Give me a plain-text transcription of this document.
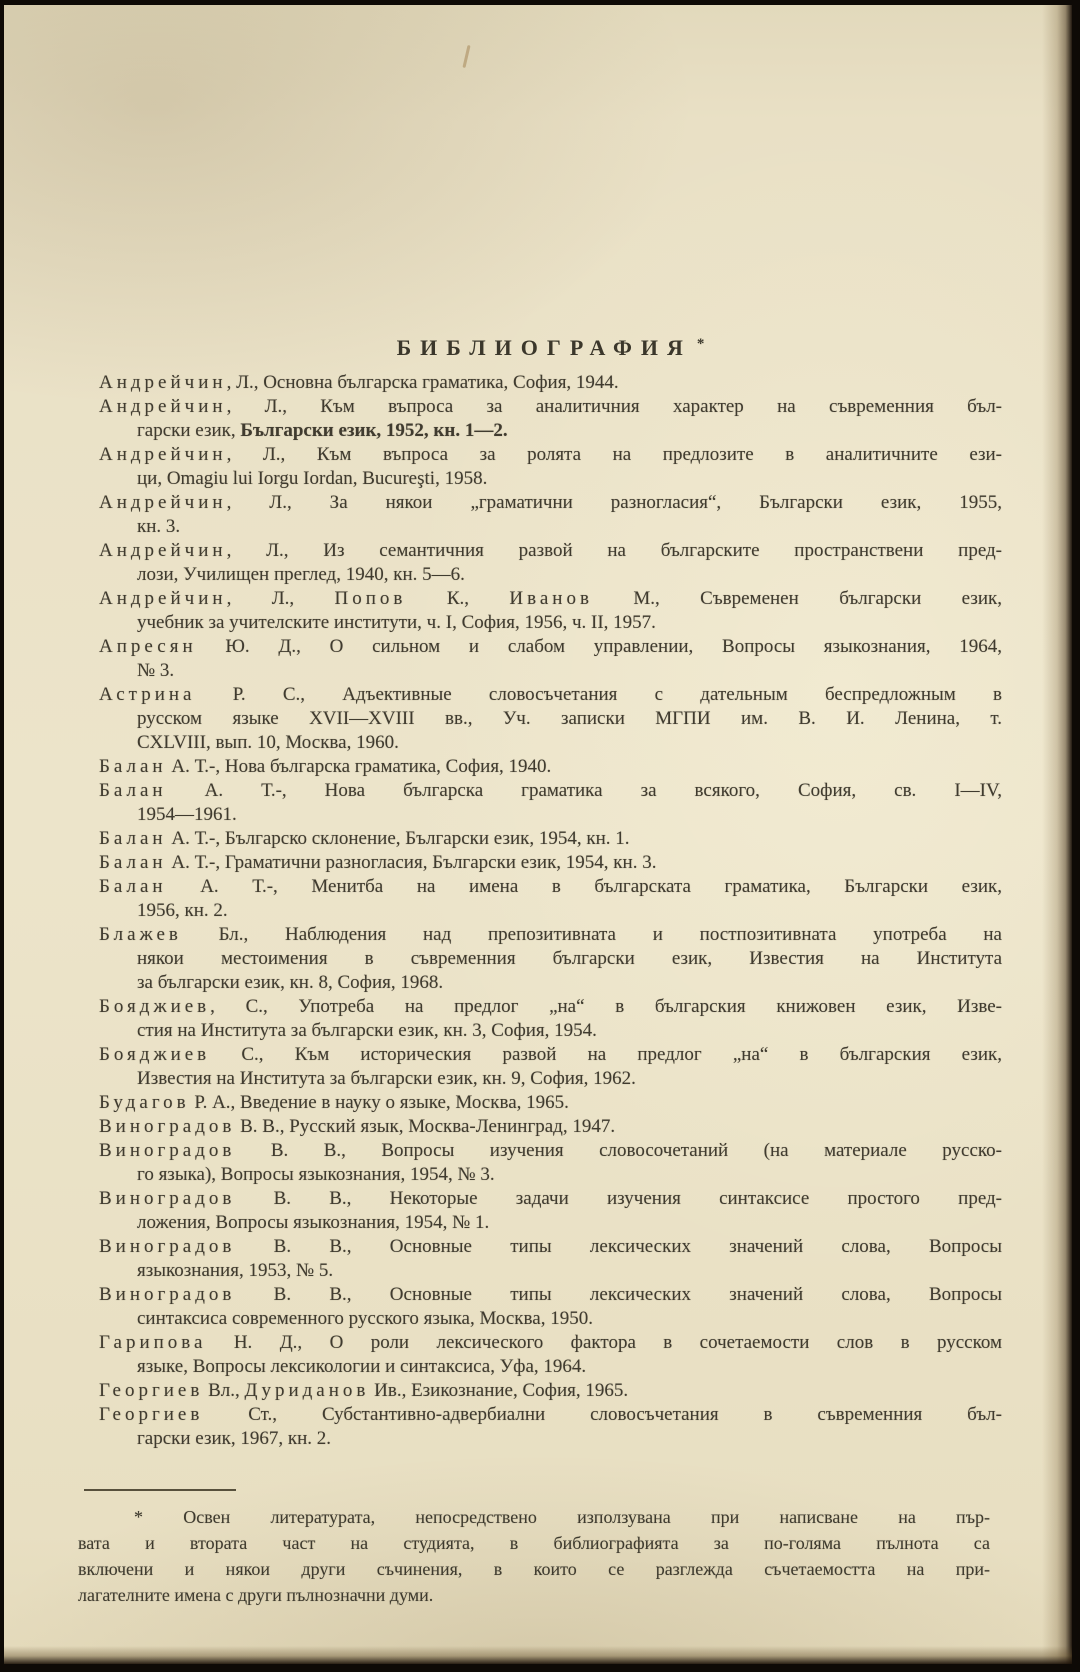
БИБЛИОГРАФИЯ *
Андрейчин, Л., Основна българска граматика, София, 1944.
Андрейчин, Л., Към въпроса за аналитичния характер на съвременния бъл-
гарски език, Български език, 1952, кн. 1—2.
Андрейчин, Л., Към въпроса за ролята на предлозите в аналитичните ези-
ци, Omagiu lui Iorgu Iordan, Bucureşti, 1958.
Андрейчин, Л., За някои „граматични разногласия“, Български език, 1955,
кн. 3.
Андрейчин, Л., Из семантичния развой на българските пространствени пред-
лози, Училищен преглед, 1940, кн. 5—6.
Андрейчин, Л., Попов К., Иванов М., Съвременен български език,
учебник за учителските институти, ч. I, София, 1956, ч. II, 1957.
Апресян Ю. Д., О сильном и слабом управлении, Вопросы языкознания, 1964,
№ 3.
Астрина Р. С., Адъективные словосъчетания с дательным беспредложным в
русском языке XVII—XVIII вв., Уч. записки МГПИ им. В. И. Ленина, т.
CXLVIII, вып. 10, Москва, 1960.
Балан А. Т.-, Нова българска граматика, София, 1940.
Балан А. Т.-, Нова българска граматика за всякого, София, св. I—IV,
1954—1961.
Балан А. Т.-, Българско склонение, Български език, 1954, кн. 1.
Балан А. Т.-, Граматични разногласия, Български език, 1954, кн. 3.
Балан А. Т.-, Менитба на имена в българската граматика, Български език,
1956, кн. 2.
Блажев Бл., Наблюдения над препозитивната и постпозитивната употреба на
някои местоимения в съвременния български език, Известия на Института
за български език, кн. 8, София, 1968.
Бояджиев, С., Употреба на предлог „на“ в българския книжовен език, Изве-
стия на Института за български език, кн. 3, София, 1954.
Бояджиев С., Към историческия развой на предлог „на“ в българския език,
Известия на Института за български език, кн. 9, София, 1962.
Будагов Р. А., Введение в науку о языке, Москва, 1965.
Виноградов В. В., Русский язык, Москва-Ленинград, 1947.
Виноградов В. В., Вопросы изучения словосочетаний (на материале русско-
го языка), Вопросы языкознания, 1954, № 3.
Виноградов В. В., Некоторые задачи изучения синтаксисе простого пред-
ложения, Вопросы языкознания, 1954, № 1.
Виноградов В. В., Основные типы лексических значений слова, Вопросы
языкознания, 1953, № 5.
Виноградов В. В., Основные типы лексических значений слова, Вопросы
синтаксиса современного русского языка, Москва, 1950.
Гарипова Н. Д., О роли лексического фактора в сочетаемости слов в русском
языке, Вопросы лексикологии и синтаксиса, Уфа, 1964.
Георгиев Вл., Дуриданов Ив., Езикознание, София, 1965.
Георгиев Ст., Субстантивно-адвербиални словосъчетания в съвременния бъл-
гарски език, 1967, кн. 2.
* Освен литературата, непосредствено използувана при написване на пър-
вата и втората част на студията, в библиографията за по-голяма пълнота са
включени и някои други съчинения, в които се разглежда съчетаемостта на при-
лагателните имена с други пълнозначни думи.
